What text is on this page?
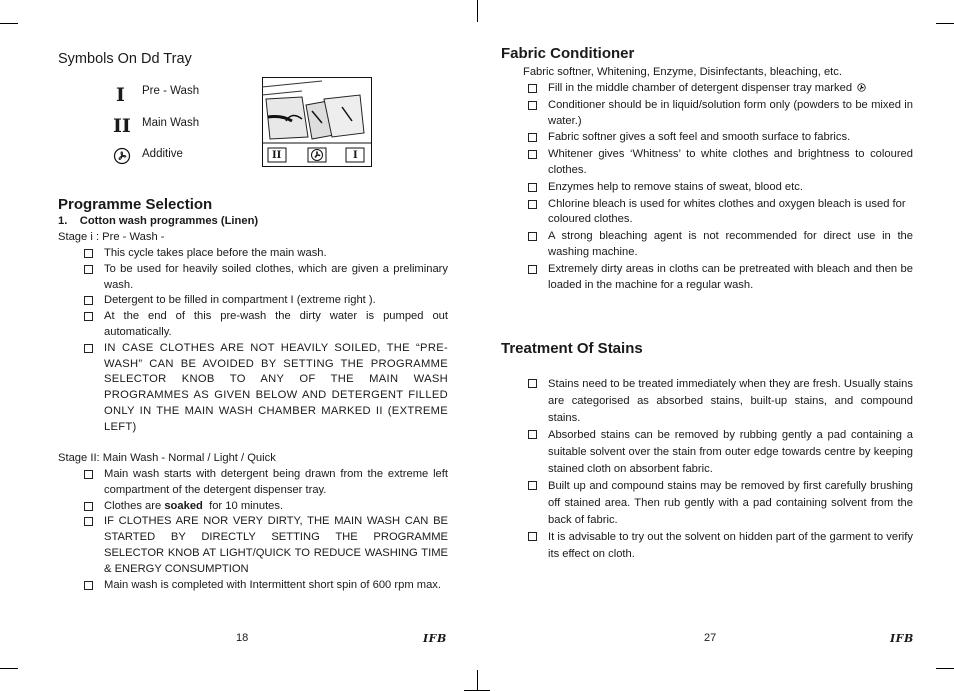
Symbols On Dd Tray
I Pre - Wash
II Main Wash
Additive	II	I
Programme Selection
1.    Cotton wash programmes (Linen)
Stage i : Pre - Wash -
This cycle takes place before the main wash.
To be used for heavily soiled clothes, which are given a preliminary wash.
Detergent to be filled in compartment I (extreme right ).
At the end of this pre-wash the dirty water is pumped out automatically.
IN CASE CLOTHES ARE NOT HEAVILY SOILED, THE “PRE-WASH” CAN BE AVOIDED BY SETTING THE PROGRAMME SELECTOR KNOB TO ANY OF THE MAIN WASH PROGRAMMES AS GIVEN BELOW AND DETERGENT FILLED ONLY IN THE MAIN WASH CHAMBER MARKED II (EXTREME LEFT)
Stage II: Main Wash - Normal / Light / Quick
Main wash starts with detergent being drawn from the extreme left compartment of the detergent dispenser tray.
Clothes are soaked  for 10 minutes.
IF CLOTHES ARE NOR VERY DIRTY, THE MAIN WASH CAN BE STARTED BY DIRECTLY SETTING THE PROGRAMME SELECTOR KNOB AT LIGHT/QUICK TO REDUCE WASHING TIME & ENERGY CONSUMPTION
Main wash is completed with Intermittent short spin of 600 rpm max.
18	IFB
Fabric Conditioner
Fabric softner, Whitening, Enzyme, Disinfectants, bleaching, etc.
Fill in the middle chamber of detergent dispenser tray marked
Conditioner should be in liquid/solution form only (powders to be mixed in water.)
Fabric softner gives a soft feel and smooth surface to fabrics.
Whitener gives ‘Whitness’ to white clothes and brightness to coloured clothes.
Enzymes help to remove stains of sweat, blood etc.
Chlorine bleach is used for whites clothes and oxygen bleach is used for
coloured clothes.
A strong bleaching agent is not recommended for direct use in the washing machine.
Extremely dirty areas in cloths can be pretreated with bleach and then be loaded in the machine for a regular wash.
Treatment Of Stains
Stains need to be treated immediately when they are fresh. Usually stains are categorised as absorbed stains, built-up stains, and compound stains.
Absorbed stains can be removed by rubbing gently a pad containing a suitable solvent over the stain from outer edge towards centre by keeping stained cloth on absorbent fabric.
Built up and compound stains may be removed by first carefully brushing off stained area. Then rub gently with a pad containing solvent from the back of fabric.
It is advisable to try out the solvent on hidden part of the garment to verify its effect on cloth.
27	IFB
